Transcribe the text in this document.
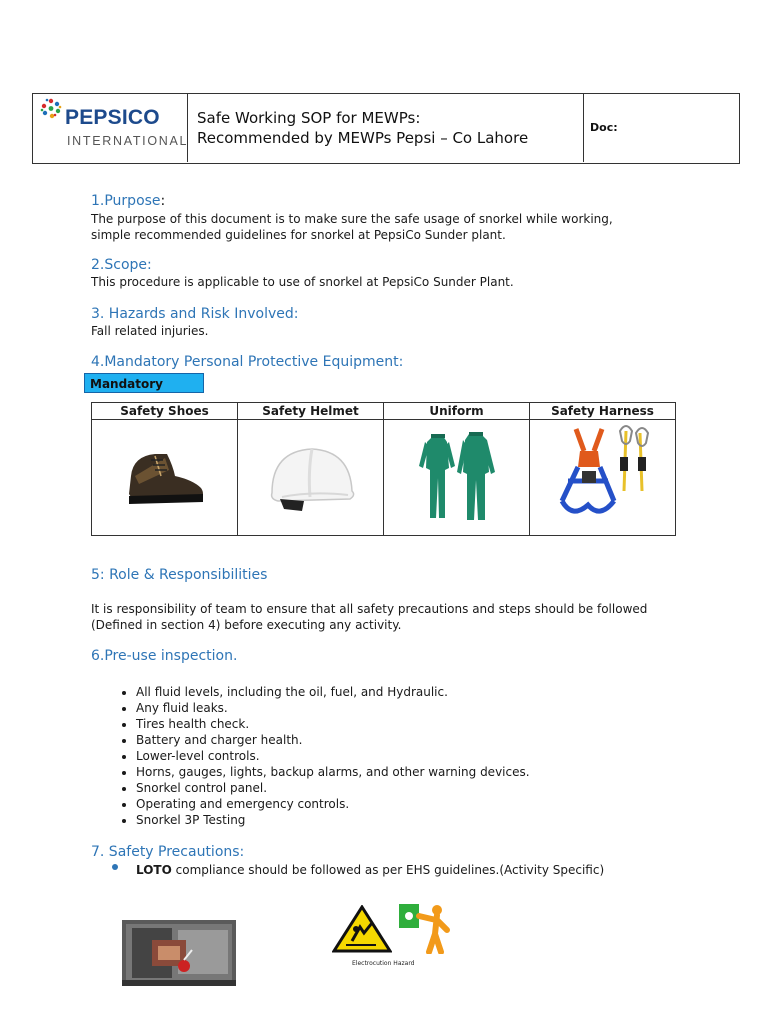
PEPSICO
INTERNATIONAL
Safe Working SOP for MEWPs:
Recommended by MEWPs Pepsi – Co Lahore
Doc:
1.Purpose:
The purpose of this document is to make sure the safe usage of snorkel while working,
simple recommended guidelines for snorkel at PepsiCo Sunder plant.
2.Scope:
This procedure is applicable to use of snorkel at PepsiCo Sunder Plant.
3. Hazards and Risk Involved:
Fall related injuries.
4.Mandatory Personal Protective Equipment:
Mandatory
Safety Shoes	Safety Helmet	Uniform	Safety Harness

5: Role & Responsibilities
It is responsibility of team to ensure that all safety precautions and steps should be followed
(Defined in section 4) before executing any activity.
6.Pre-use inspection.
• All fluid levels, including the oil, fuel, and Hydraulic.
• Any fluid leaks.
• Tires health check.
• Battery and charger health.
• Lower-level controls.
• Horns, gauges, lights, backup alarms, and other warning devices.
• Snorkel control panel.
• Operating and emergency controls.
• Snorkel 3P Testing
7. Safety Precautions:
LOTO compliance should be followed as per EHS guidelines.(Activity Specific)
Electrocution Hazard
